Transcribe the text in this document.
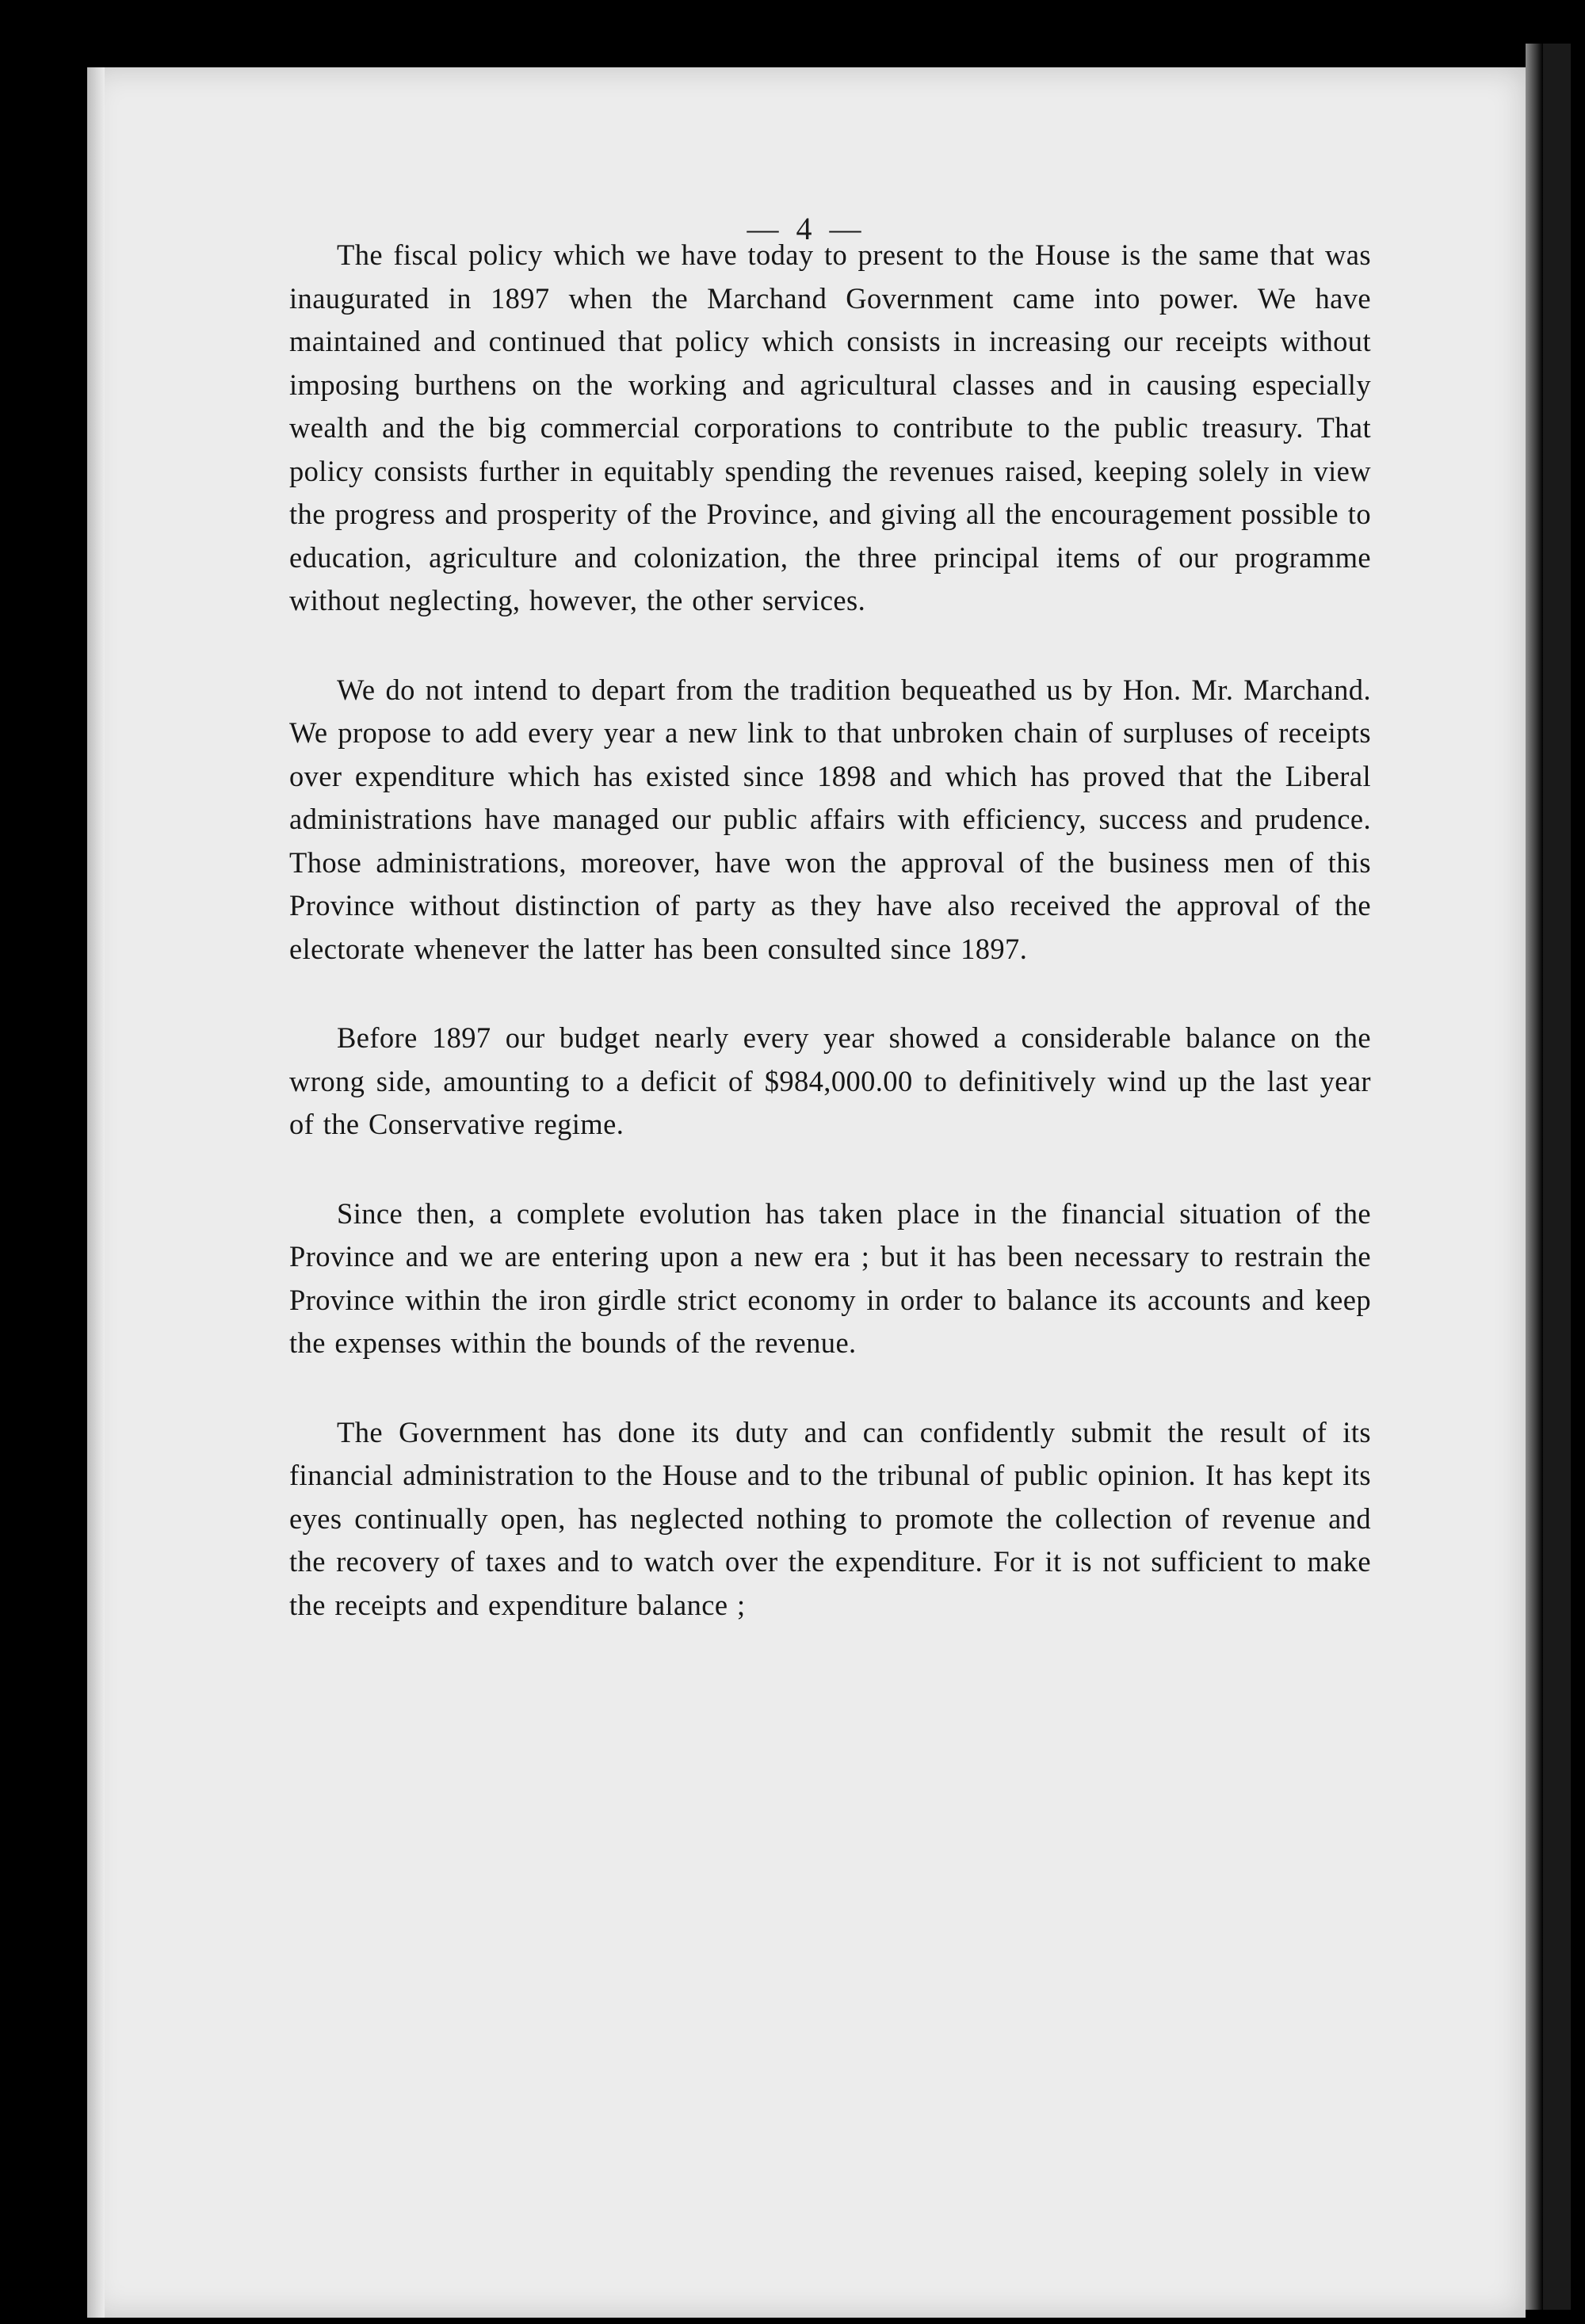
— 4 —

The fiscal policy which we have today to present to the House is the same that was inaugurated in 1897 when the Marchand Government came into power. We have maintained and continued that policy which consists in increasing our receipts without imposing burthens on the working and agricultural classes and in causing especially wealth and the big commercial corporations to contribute to the public treasury. That policy consists further in equitably spending the revenues raised, keeping solely in view the progress and prosperity of the Province, and giving all the encouragement possible to education, agriculture and colonization, the three principal items of our programme without neglecting, however, the other services.

We do not intend to depart from the tradition bequeathed us by Hon. Mr. Marchand. We propose to add every year a new link to that unbroken chain of surpluses of receipts over expenditure which has existed since 1898 and which has proved that the Liberal administrations have managed our public affairs with efficiency, success and prudence. Those administrations, moreover, have won the approval of the business men of this Province without distinction of party as they have also received the approval of the electorate whenever the latter has been consulted since 1897.

Before 1897 our budget nearly every year showed a considerable balance on the wrong side, amounting to a deficit of $984,000.00 to definitively wind up the last year of the Conservative regime.

Since then, a complete evolution has taken place in the financial situation of the Province and we are entering upon a new era ; but it has been necessary to restrain the Province within the iron girdle strict economy in order to balance its accounts and keep the expenses within the bounds of the revenue.

The Government has done its duty and can confidently submit the result of its financial administration to the House and to the tribunal of public opinion. It has kept its eyes continually open, has neglected nothing to promote the collection of revenue and the recovery of taxes and to watch over the expenditure. For it is not sufficient to make the receipts and expenditure balance ;
